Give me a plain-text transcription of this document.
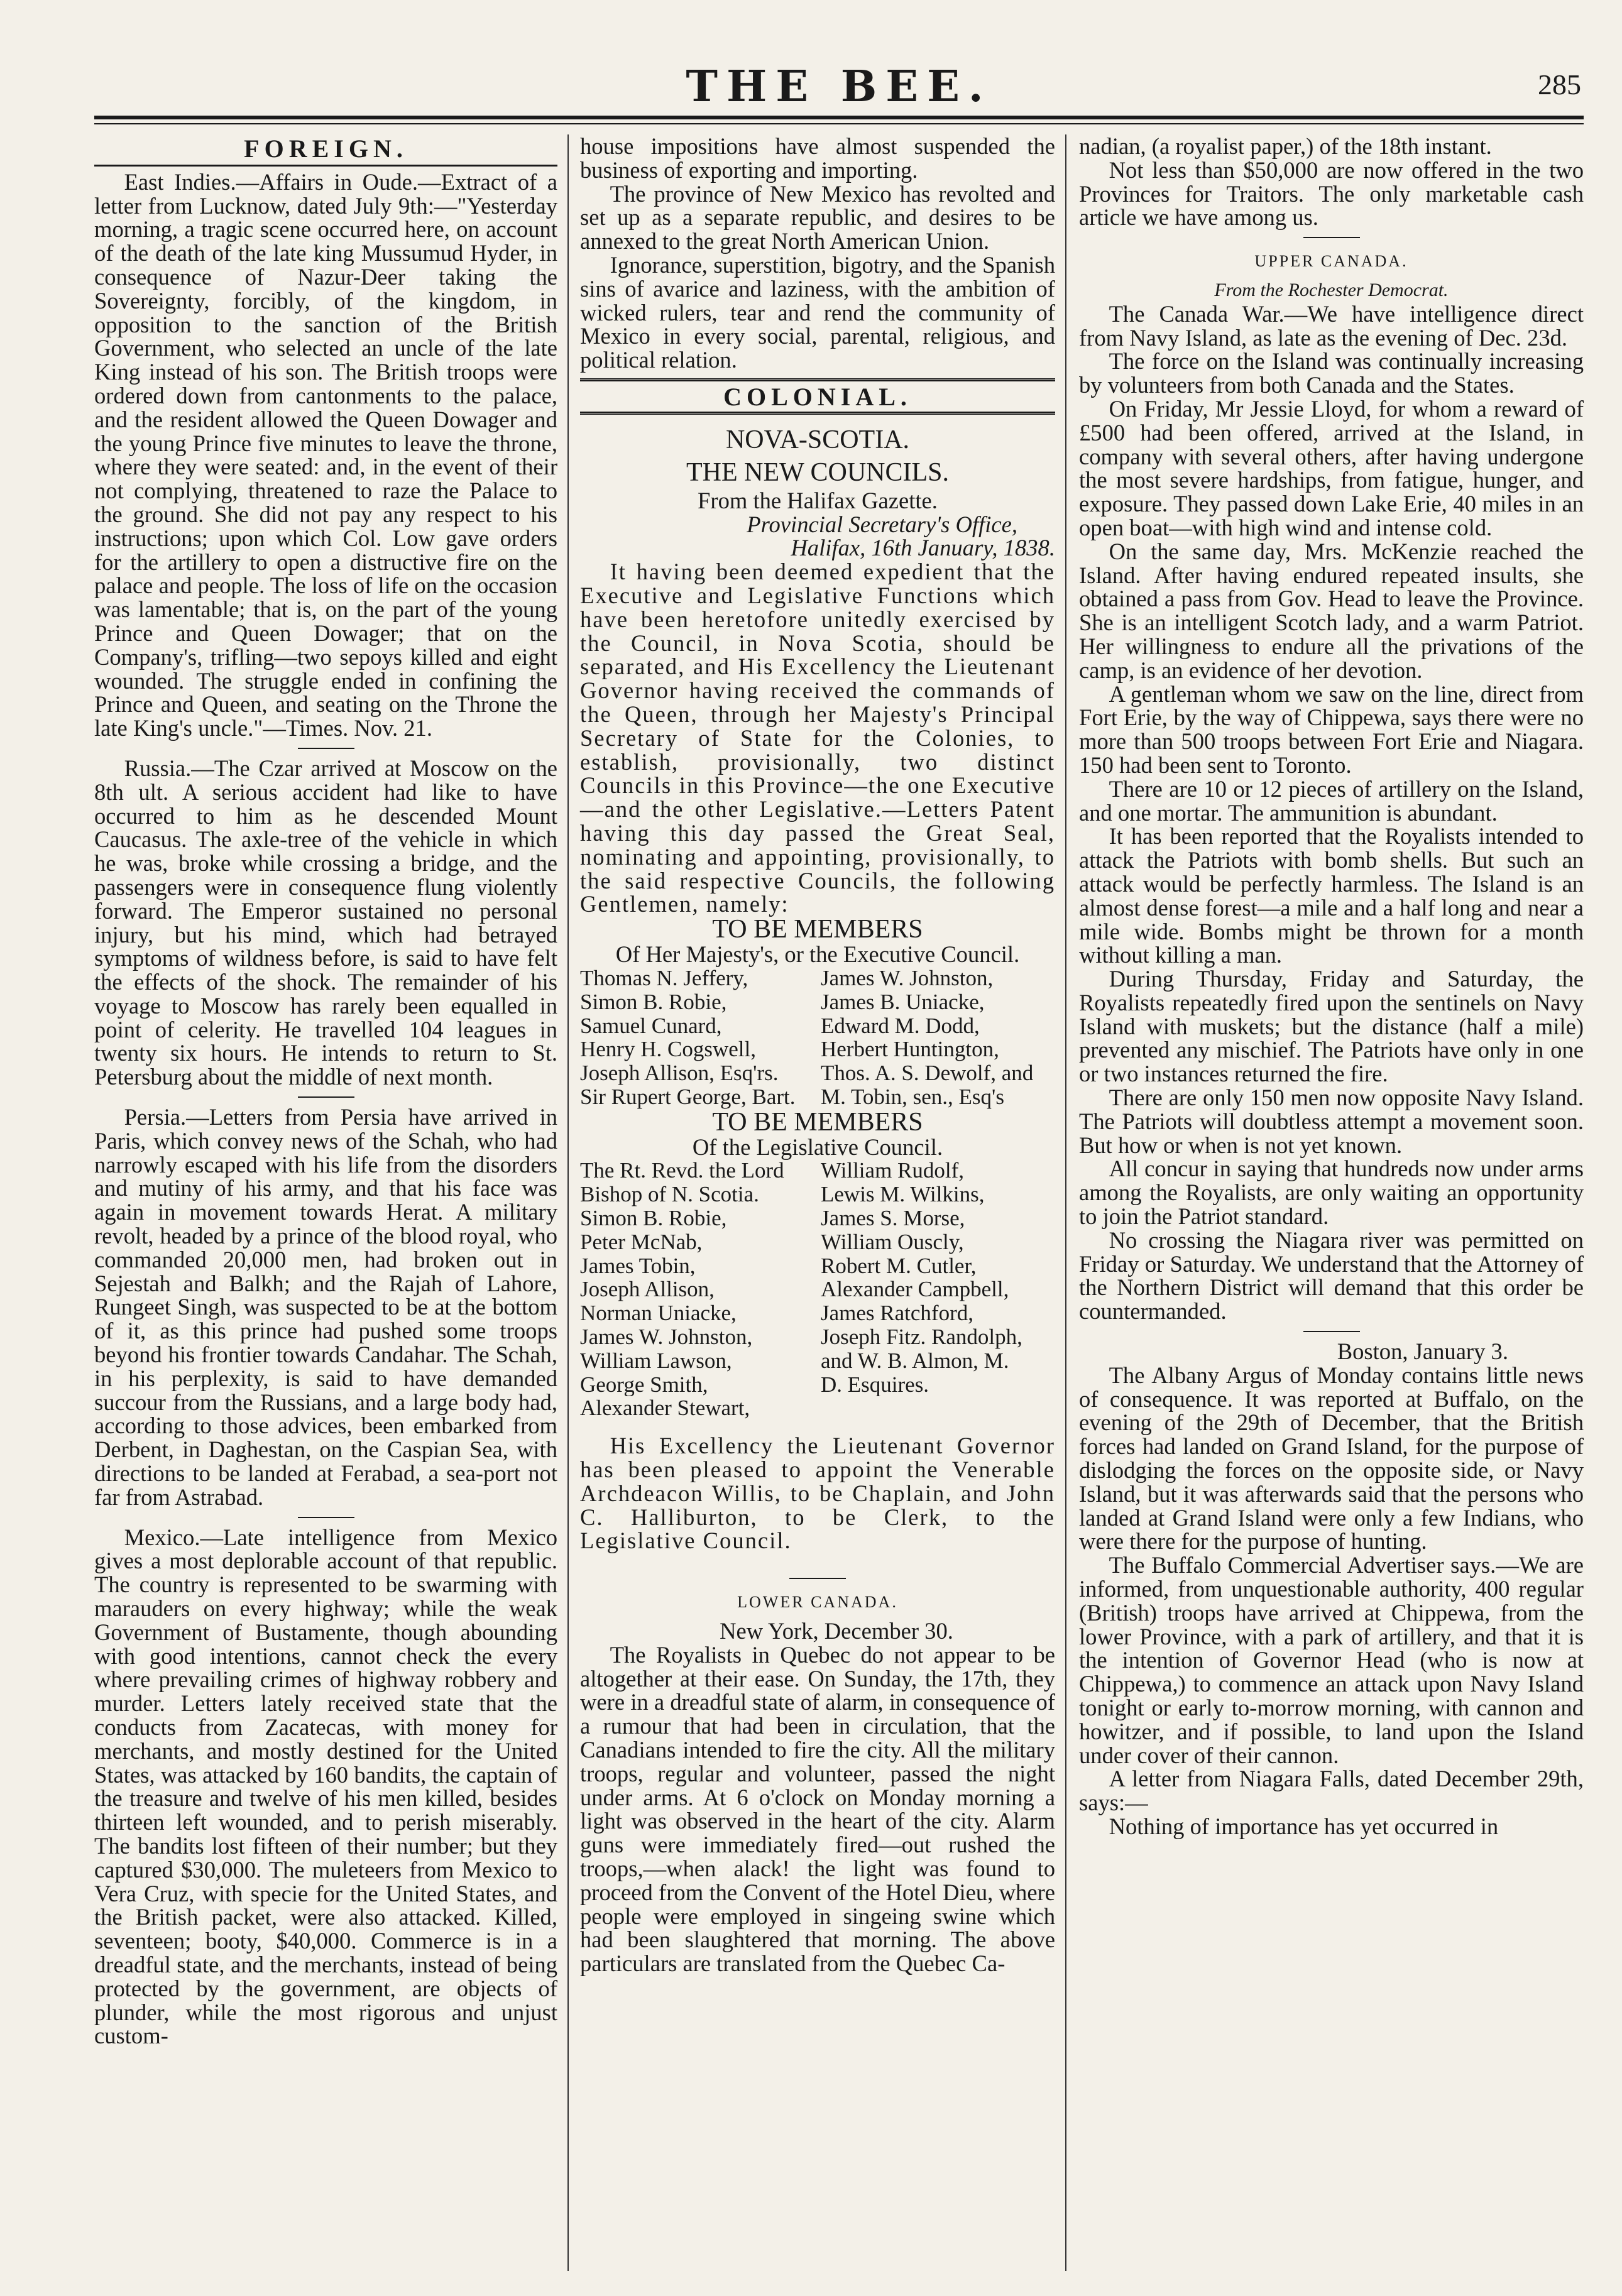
THE BEE.	285
FOREIGN.

East Indies.—Affairs in Oude.—Extract of a letter from Lucknow, dated July 9th:—"Yesterday morning, a tragic scene occurred here, on account of the death of the late king Mussumud Hyder, in consequence of Nazur-Deer taking the Sovereignty, forcibly, of the kingdom, in opposition to the sanction of the British Government, who selected an uncle of the late King instead of his son. The British troops were ordered down from cantonments to the palace, and the resident allowed the Queen Dowager and the young Prince five minutes to leave the throne, where they were seated: and, in the event of their not complying, threatened to raze the Palace to the ground. She did not pay any respect to his instructions; upon which Col. Low gave orders for the artillery to open a distructive fire on the palace and people. The loss of life on the occasion was lamentable; that is, on the part of the young Prince and Queen Dowager; that on the Company's, trifling—two sepoys killed and eight wounded. The struggle ended in confining the Prince and Queen, and seating on the Throne the late King's uncle."—Times. Nov. 21.

Russia.—The Czar arrived at Moscow on the 8th ult. A serious accident had like to have occurred to him as he descended Mount Caucasus. The axle-tree of the vehicle in which he was, broke while crossing a bridge, and the passengers were in consequence flung violently forward. The Emperor sustained no personal injury, but his mind, which had betrayed symptoms of wildness before, is said to have felt the effects of the shock. The remainder of his voyage to Moscow has rarely been equalled in point of celerity. He travelled 104 leagues in twenty six hours. He intends to return to St. Petersburg about the middle of next month.

Persia.—Letters from Persia have arrived in Paris, which convey news of the Schah, who had narrowly escaped with his life from the disorders and mutiny of his army, and that his face was again in movement towards Herat. A military revolt, headed by a prince of the blood royal, who commanded 20,000 men, had broken out in Sejestah and Balkh; and the Rajah of Lahore, Rungeet Singh, was suspected to be at the bottom of it, as this prince had pushed some troops beyond his frontier towards Candahar. The Schah, in his perplexity, is said to have demanded succour from the Russians, and a large body had, according to those advices, been embarked from Derbent, in Daghestan, on the Caspian Sea, with directions to be landed at Ferabad, a sea-port not far from Astrabad.

Mexico.—Late intelligence from Mexico gives a most deplorable account of that republic. The country is represented to be swarming with marauders on every highway; while the weak Government of Bustamente, though abounding with good intentions, cannot check the every where prevailing crimes of highway robbery and murder. Letters lately received state that the conducts from Zacatecas, with money for merchants, and mostly destined for the United States, was attacked by 160 bandits, the captain of the treasure and twelve of his men killed, besides thirteen left wounded, and to perish miserably. The bandits lost fifteen of their number; but they captured $30,000. The muleteers from Mexico to Vera Cruz, with specie for the United States, and the British packet, were also attacked. Killed, seventeen; booty, $40,000. Commerce is in a dreadful state, and the merchants, instead of being protected by the government, are objects of plunder, while the most rigorous and unjust custom-

house impositions have almost suspended the business of exporting and importing.

The province of New Mexico has revolted and set up as a separate republic, and desires to be annexed to the great North American Union.

Ignorance, superstition, bigotry, and the Spanish sins of avarice and laziness, with the ambition of wicked rulers, tear and rend the community of Mexico in every social, parental, religious, and political relation.

COLONIAL.

NOVA-SCOTIA.

THE NEW COUNCILS.

From the Halifax Gazette.

Provincial Secretary's Office,

Halifax, 16th January, 1838.

It having been deemed expedient that the Executive and Legislative Functions which have been heretofore unitedly exercised by the Council, in Nova Scotia, should be separated, and His Excellency the Lieutenant Governor having received the commands of the Queen, through her Majesty's Principal Secretary of State for the Colonies, to establish, provisionally, two distinct Councils in this Province—the one Executive—and the other Legislative.—Letters Patent having this day passed the Great Seal, nominating and appointing, provisionally, to the said respective Councils, the following Gentlemen, namely:

TO BE MEMBERS

Of Her Majesty's, or the Executive Council.

Thomas N. Jeffery,	James W. Johnston,
Simon B. Robie,	James B. Uniacke,
Samuel Cunard,	Edward M. Dodd,
Henry H. Cogswell,	Herbert Huntington,
Joseph Allison, Esq'rs.	Thos. A. S. Dewolf, and
Sir Rupert George, Bart.	M. Tobin, sen., Esq's

TO BE MEMBERS

Of the Legislative Council.

The Rt. Revd. the Lord	William Rudolf,
Bishop of N. Scotia.	Lewis M. Wilkins,
Simon B. Robie,	James S. Morse,
Peter McNab,	William Ouscly,
James Tobin,	Robert M. Cutler,
Joseph Allison,	Alexander Campbell,
Norman Uniacke,	James Ratchford,
James W. Johnston,	Joseph Fitz. Randolph,
William Lawson,	and W. B. Almon, M.
George Smith,	D. Esquires.
Alexander Stewart,

His Excellency the Lieutenant Governor has been pleased to appoint the Venerable Archdeacon Willis, to be Chaplain, and John C. Halliburton, to be Clerk, to the Legislative Council.

LOWER CANADA.

New York, December 30.

The Royalists in Quebec do not appear to be altogether at their ease. On Sunday, the 17th, they were in a dreadful state of alarm, in consequence of a rumour that had been in circulation, that the Canadians intended to fire the city. All the military troops, regular and volunteer, passed the night under arms. At 6 o'clock on Monday morning a light was observed in the heart of the city. Alarm guns were immediately fired—out rushed the troops,—when alack! the light was found to proceed from the Convent of the Hotel Dieu, where people were employed in singeing swine which had been slaughtered that morning. The above particulars are translated from the Quebec Ca-

nadian, (a royalist paper,) of the 18th instant.

Not less than $50,000 are now offered in the two Provinces for Traitors. The only marketable cash article we have among us.

UPPER CANADA.

From the Rochester Democrat.

The Canada War.—We have intelligence direct from Navy Island, as late as the evening of Dec. 23d.

The force on the Island was continually increasing by volunteers from both Canada and the States.

On Friday, Mr Jessie Lloyd, for whom a reward of £500 had been offered, arrived at the Island, in company with several others, after having undergone the most severe hardships, from fatigue, hunger, and exposure. They passed down Lake Erie, 40 miles in an open boat—with high wind and intense cold.

On the same day, Mrs. McKenzie reached the Island. After having endured repeated insults, she obtained a pass from Gov. Head to leave the Province. She is an intelligent Scotch lady, and a warm Patriot. Her willingness to endure all the privations of the camp, is an evidence of her devotion.

A gentleman whom we saw on the line, direct from Fort Erie, by the way of Chippewa, says there were no more than 500 troops between Fort Erie and Niagara. 150 had been sent to Toronto.

There are 10 or 12 pieces of artillery on the Island, and one mortar. The ammunition is abundant.

It has been reported that the Royalists intended to attack the Patriots with bomb shells. But such an attack would be perfectly harmless. The Island is an almost dense forest—a mile and a half long and near a mile wide. Bombs might be thrown for a month without killing a man.

During Thursday, Friday and Saturday, the Royalists repeatedly fired upon the sentinels on Navy Island with muskets; but the distance (half a mile) prevented any mischief. The Patriots have only in one or two instances returned the fire.

There are only 150 men now opposite Navy Island. The Patriots will doubtless attempt a movement soon. But how or when is not yet known.

All concur in saying that hundreds now under arms among the Royalists, are only waiting an opportunity to join the Patriot standard.

No crossing the Niagara river was permitted on Friday or Saturday. We understand that the Attorney of the Northern District will demand that this order be countermanded.

Boston, January 3.

The Albany Argus of Monday contains little news of consequence. It was reported at Buffalo, on the evening of the 29th of December, that the British forces had landed on Grand Island, for the purpose of dislodging the forces on the opposite side, or Navy Island, but it was afterwards said that the persons who landed at Grand Island were only a few Indians, who were there for the purpose of hunting.

The Buffalo Commercial Advertiser says.—We are informed, from unquestionable authority, 400 regular (British) troops have arrived at Chippewa, from the lower Province, with a park of artillery, and that it is the intention of Governor Head (who is now at Chippewa,) to commence an attack upon Navy Island tonight or early to-morrow morning, with cannon and howitzer, and if possible, to land upon the Island under cover of their cannon.

A letter from Niagara Falls, dated December 29th, says:—

Nothing of importance has yet occurred in
